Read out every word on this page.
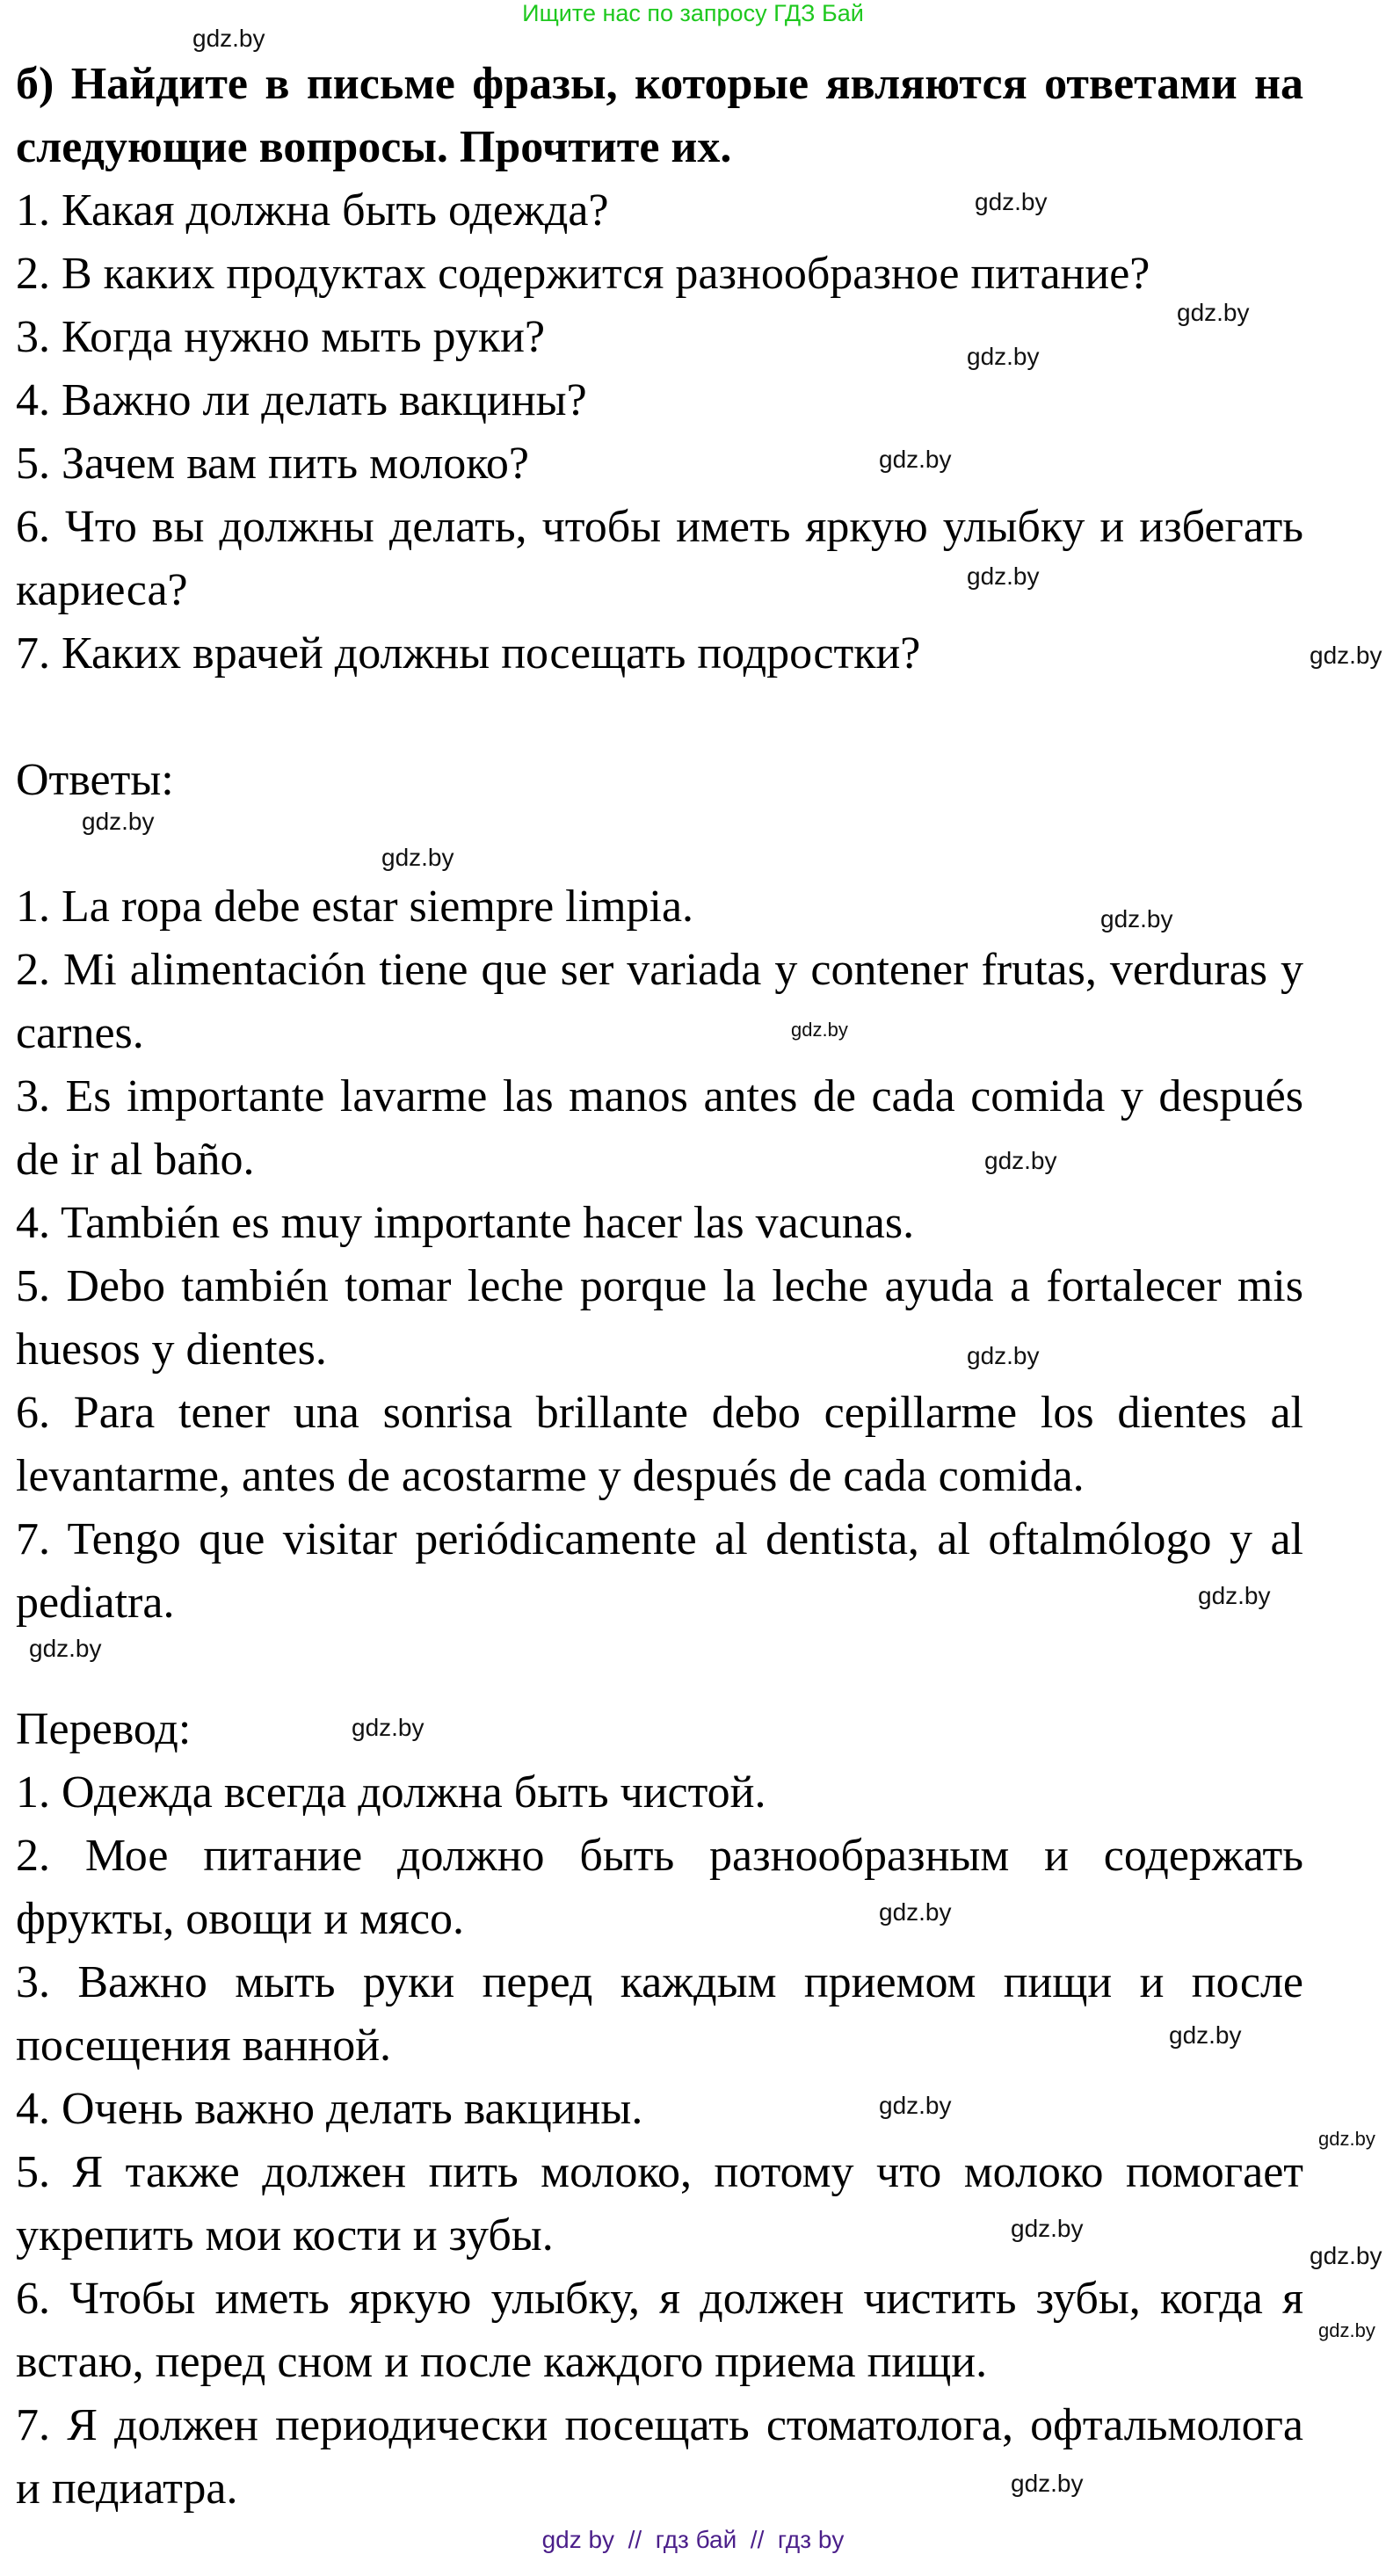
Ищите нас по запросу ГДЗ Бай

б) Найдите в письме фразы, которые являются ответами на следующие вопросы. Прочтите их.

1. Какая должна быть одежда?

2. В каких продуктах содержится разнообразное питание?

3. Когда нужно мыть руки?

4. Важно ли делать вакцины?

5. Зачем вам пить молоко?

6. Что вы должны делать, чтобы иметь яркую улыбку и избегать кариеса?

7. Каких врачей должны посещать подростки?

Ответы:

1. La ropa debe estar siempre limpia.

2. Mi alimentación tiene que ser variada y contener frutas, verduras y carnes.

3. Es importante lavarme las manos antes de cada comida y después de ir al baño.

4. También es muy importante hacer las vacunas.

5. Debo también tomar leche porque la leche ayuda a fortalecer mis huesos y dientes.

6. Para tener una sonrisa brillante debo cepillarme los dientes al levantarme, antes de acostarme y después de cada comida.

7. Tengo que visitar periódicamente al dentista, al oftalmólogo y al pediatra.

Перевод:

1. Одежда всегда должна быть чистой.

2. Мое питание должно быть разнообразным и содержать фрукты, овощи и мясо.

3. Важно мыть руки перед каждым приемом пищи и после посещения ванной.

4. Очень важно делать вакцины.

5. Я также должен пить молоко, потому что молоко помогает укрепить мои кости и зубы.

6. Чтобы иметь яркую улыбку, я должен чистить зубы, когда я встаю, перед сном и после каждого приема пищи.

7. Я должен периодически посещать стоматолога, офтальмолога и педиатра.

gdz.by
gdz.by
gdz.by
gdz.by
gdz.by
gdz.by
gdz.by
gdz.by
gdz.by
gdz.by
gdz.by
gdz.by
gdz.by
gdz.by
gdz.by
gdz.by
gdz.by
gdz.by
gdz.by
gdz.by
gdz.by
gdz.by
gdz.by
gdz.by
gdz by  //  гдз бай  //  гдз by
